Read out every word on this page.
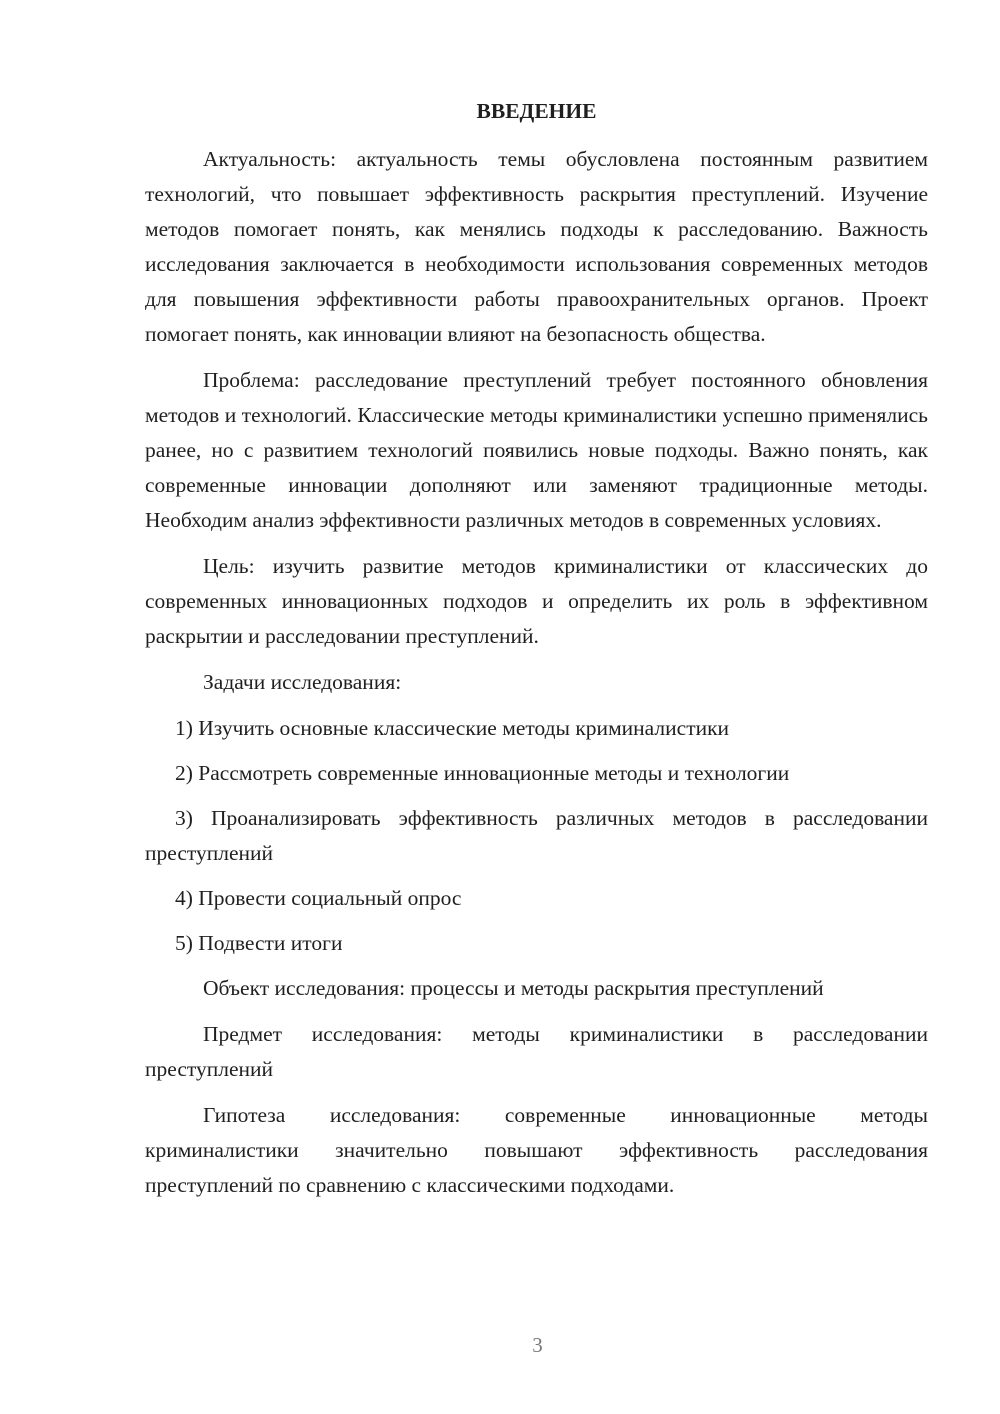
ВВЕДЕНИЕ

Актуальность: актуальность темы обусловлена постоянным развитием технологий, что повышает эффективность раскрытия преступлений. Изучение методов помогает понять, как менялись подходы к расследованию. Важность исследования заключается в необходимости использования современных методов для повышения эффективности работы правоохранительных органов. Проект помогает понять, как инновации влияют на безопасность общества.

Проблема: расследование преступлений требует постоянного обновления методов и технологий. Классические методы криминалистики успешно применялись ранее, но с развитием технологий появились новые подходы. Важно понять, как современные инновации дополняют или заменяют традиционные методы. Необходим анализ эффективности различных методов в современных условиях.

Цель: изучить развитие методов криминалистики от классических до современных инновационных подходов и определить их роль в эффективном раскрытии и расследовании преступлений.

Задачи исследования:

1) Изучить основные классические методы криминалистики

2) Рассмотреть современные инновационные методы и технологии

3) Проанализировать эффективность различных методов в расследовании преступлений

4) Провести социальный опрос

5) Подвести итоги

Объект исследования: процессы и методы раскрытия преступлений

Предмет исследования: методы криминалистики в расследовании преступлений

Гипотеза исследования: современные инновационные методы криминалистики значительно повышают эффективность расследования преступлений по сравнению с классическими подходами.

3
